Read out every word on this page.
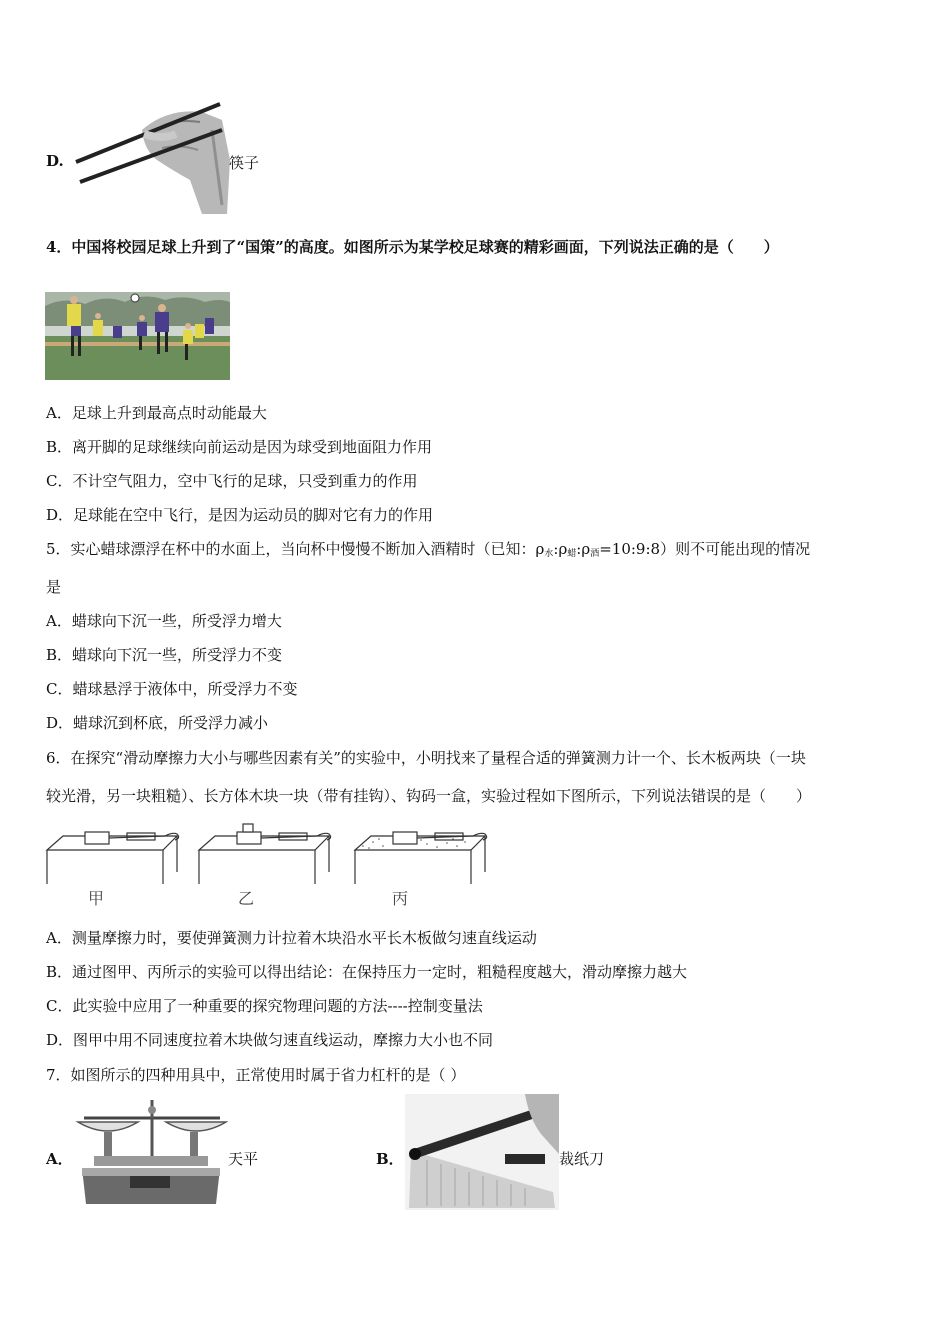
D.	筷子
4．中国将校园足球上升到了“国策”的高度。如图所示为某学校足球赛的精彩画面，下列说法正确的是（　　）
A．足球上升到最高点时动能最大
B．离开脚的足球继续向前运动是因为球受到地面阻力作用
C．不计空气阻力，空中飞行的足球，只受到重力的作用
D．足球能在空中飞行，是因为运动员的脚对它有力的作用
5．实心蜡球漂浮在杯中的水面上，当向杯中慢慢不断加入酒精时（已知：$\rho_水:\rho_蜡:\rho_酒=10:9:8$）则不可能出现的情况
是
A．蜡球向下沉一些，所受浮力增大
B．蜡球向下沉一些，所受浮力不变
C．蜡球悬浮于液体中，所受浮力不变
D．蜡球沉到杯底，所受浮力减小
6．在探究“滑动摩擦力大小与哪些因素有关”的实验中，小明找来了量程合适的弹簧测力计一个、长木板两块（一块
较光滑，另一块粗糙）、长方体木块一块（带有挂钩）、钩码一盒，实验过程如下图所示，下列说法错误的是（　　）
甲	乙	丙
A．测量摩擦力时，要使弹簧测力计拉着木块沿水平长木板做匀速直线运动
B．通过图甲、丙所示的实验可以得出结论：在保持压力一定时，粗糙程度越大，滑动摩擦力越大
C．此实验中应用了一种重要的探究物理问题的方法----控制变量法
D．图甲中用不同速度拉着木块做匀速直线运动，摩擦力大小也不同
7．如图所示的四种用具中，正常使用时属于省力杠杆的是（ ）
A．	天平	B．	裁纸刀
